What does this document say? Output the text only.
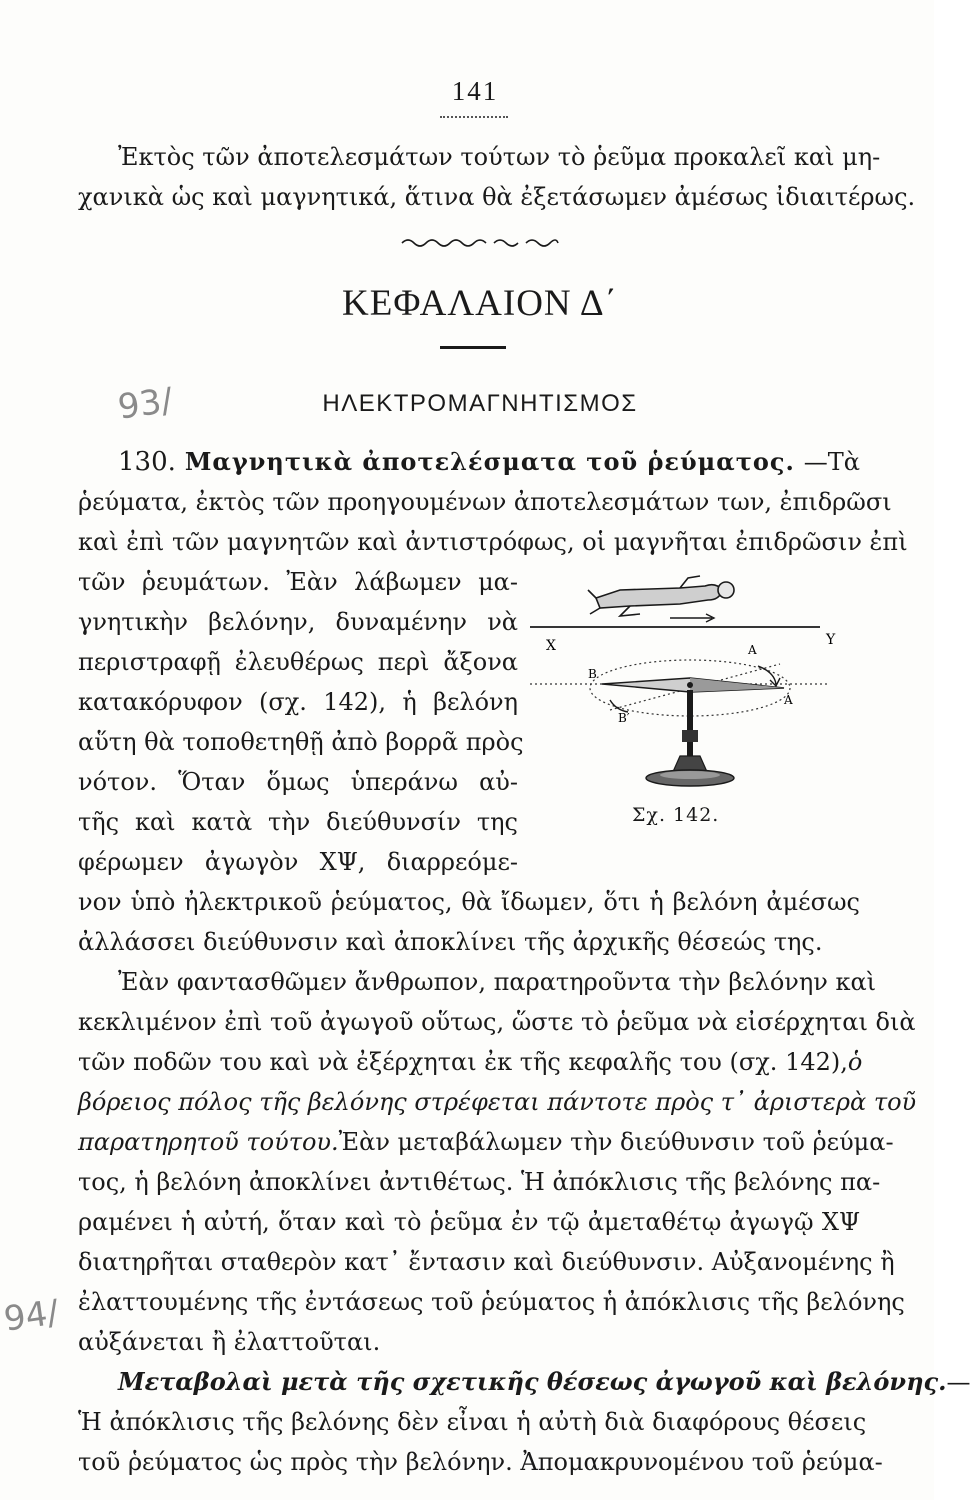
141
Ἐκτὸς τῶν ἀποτελεσμάτων τούτων τὸ ῥεῦμα προκαλεῖ καὶ μη-
χανικὰ ὡς καὶ μαγνητικά, ἅτινα θὰ ἐξετάσωμεν ἀμέσως ἰδιαιτέρως.
ΚΕΦΑΛΑΙΟΝ Δ΄
ΗΛΕΚΤΡΟΜΑΓΝΗΤΙΣΜΟΣ
93/
94/
130. Μαγνητικὰ ἀποτελέσματα τοῦ ῥεύματος. —Τὰ
ῥεύματα, ἐκτὸς τῶν προηγουμένων ἀποτελεσμάτων των, ἐπιδρῶσι
καὶ ἐπὶ τῶν μαγνητῶν καὶ ἀντιστρόφως, οἱ μαγνῆται ἐπιδρῶσιν ἐπὶ
τῶν ῥευμάτων. Ἐὰν λάβωμεν μα-
γνητικὴν βελόνην, δυναμένην νὰ
περιστραφῇ ἐλευθέρως περὶ ἄξονα
κατακόρυφον (σχ. 142), ἡ βελόνη
αὕτη θὰ τοποθετηθῇ ἀπὸ βορρᾶ πρὸς
νότον. Ὅταν ὅμως ὑπεράνω αὐ-
τῆς καὶ κατὰ τὴν διεύθυνσίν της
φέρωμεν ἀγωγὸν ΧΨ, διαρρεόμε-
νον ὑπὸ ἠλεκτρικοῦ ῥεύματος, θὰ ἴδωμεν, ὅτι ἡ βελόνη ἀμέσως
ἀλλάσσει διεύθυνσιν καὶ ἀποκλίνει τῆς ἀρχικῆς θέσεώς της.
Χ	Υ
Β
Β′
Α
Α
Σχ. 142.
Ἐὰν φαντασθῶμεν ἄνθρωπον, παρατηροῦντα τὴν βελόνην καὶ
κεκλιμένον ἐπὶ τοῦ ἀγωγοῦ οὕτως, ὥστε τὸ ῥεῦμα νὰ εἰσέρχηται διὰ
τῶν ποδῶν του καὶ νὰ ἐξέρχηται ἐκ τῆς κεφαλῆς του (σχ. 142), ὁ
βόρειος πόλος τῆς βελόνης στρέφεται πάντοτε πρὸς τ᾽ ἀριστερὰ τοῦ
παρατηρητοῦ τούτου. Ἐὰν μεταβάλωμεν τὴν διεύθυνσιν τοῦ ῥεύμα-
τος, ἡ βελόνη ἀποκλίνει ἀντιθέτως. Ἡ ἀπόκλισις τῆς βελόνης πα-
ραμένει ἡ αὐτή, ὅταν καὶ τὸ ῥεῦμα ἐν τῷ ἀμεταθέτῳ ἀγωγῷ ΧΨ
διατηρῆται σταθερὸν κατ᾽ ἔντασιν καὶ διεύθυνσιν. Αὐξανομένης ἢ
ἐλαττουμένης τῆς ἐντάσεως τοῦ ῥεύματος ἡ ἀπόκλισις τῆς βελόνης
αὐξάνεται ἢ ἐλαττοῦται.
Μεταβολαὶ μετὰ τῆς σχετικῆς θέσεως ἀγωγοῦ καὶ βελόνης. —
Ἡ ἀπόκλισις τῆς βελόνης δὲν εἶναι ἡ αὐτὴ διὰ διαφόρους θέσεις
τοῦ ῥεύματος ὡς πρὸς τὴν βελόνην. Ἀπομακρυνομένου τοῦ ῥεύμα-
